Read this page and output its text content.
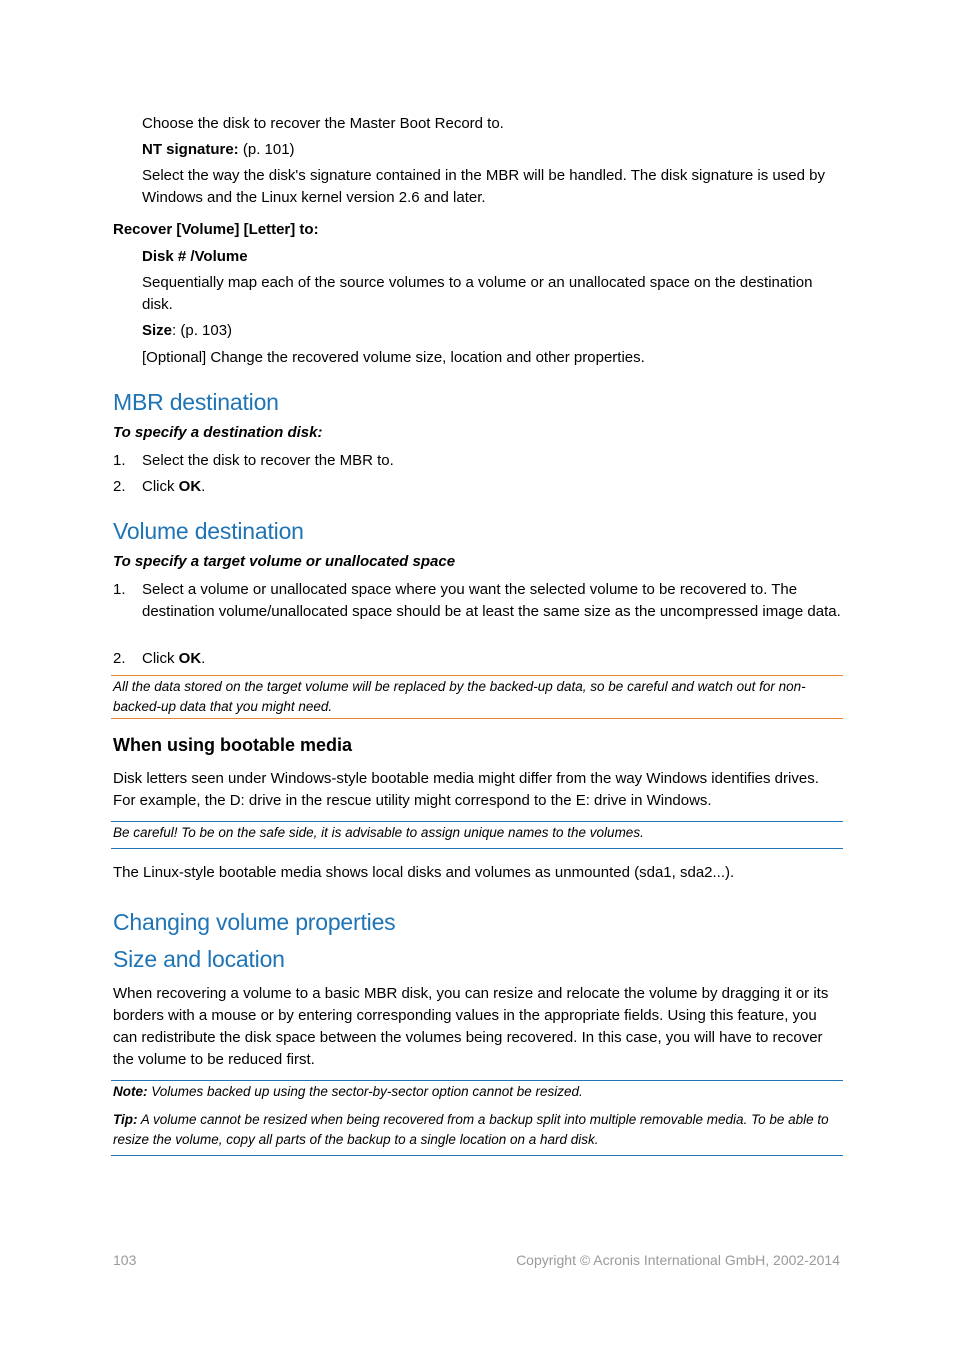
Choose the disk to recover the Master Boot Record to.
NT signature: (p. 101)
Select the way the disk's signature contained in the MBR will be handled. The disk signature is used by Windows and the Linux kernel version 2.6 and later.
Recover [Volume] [Letter] to:
Disk # /Volume
Sequentially map each of the source volumes to a volume or an unallocated space on the destination disk.
Size: (p. 103)
[Optional] Change the recovered volume size, location and other properties.
MBR destination
To specify a destination disk:
1. Select the disk to recover the MBR to.
2. Click OK.
Volume destination
To specify a target volume or unallocated space
1. Select a volume or unallocated space where you want the selected volume to be recovered to. The destination volume/unallocated space should be at least the same size as the uncompressed image data.
2. Click OK.
All the data stored on the target volume will be replaced by the backed-up data, so be careful and watch out for non-backed-up data that you might need.
When using bootable media
Disk letters seen under Windows-style bootable media might differ from the way Windows identifies drives. For example, the D: drive in the rescue utility might correspond to the E: drive in Windows.
Be careful! To be on the safe side, it is advisable to assign unique names to the volumes.
The Linux-style bootable media shows local disks and volumes as unmounted (sda1, sda2...).
Changing volume properties
Size and location
When recovering a volume to a basic MBR disk, you can resize and relocate the volume by dragging it or its borders with a mouse or by entering corresponding values in the appropriate fields. Using this feature, you can redistribute the disk space between the volumes being recovered. In this case, you will have to recover the volume to be reduced first.
Note: Volumes backed up using the sector-by-sector option cannot be resized.
Tip: A volume cannot be resized when being recovered from a backup split into multiple removable media. To be able to resize the volume, copy all parts of the backup to a single location on a hard disk.
103	Copyright © Acronis International GmbH, 2002-2014
